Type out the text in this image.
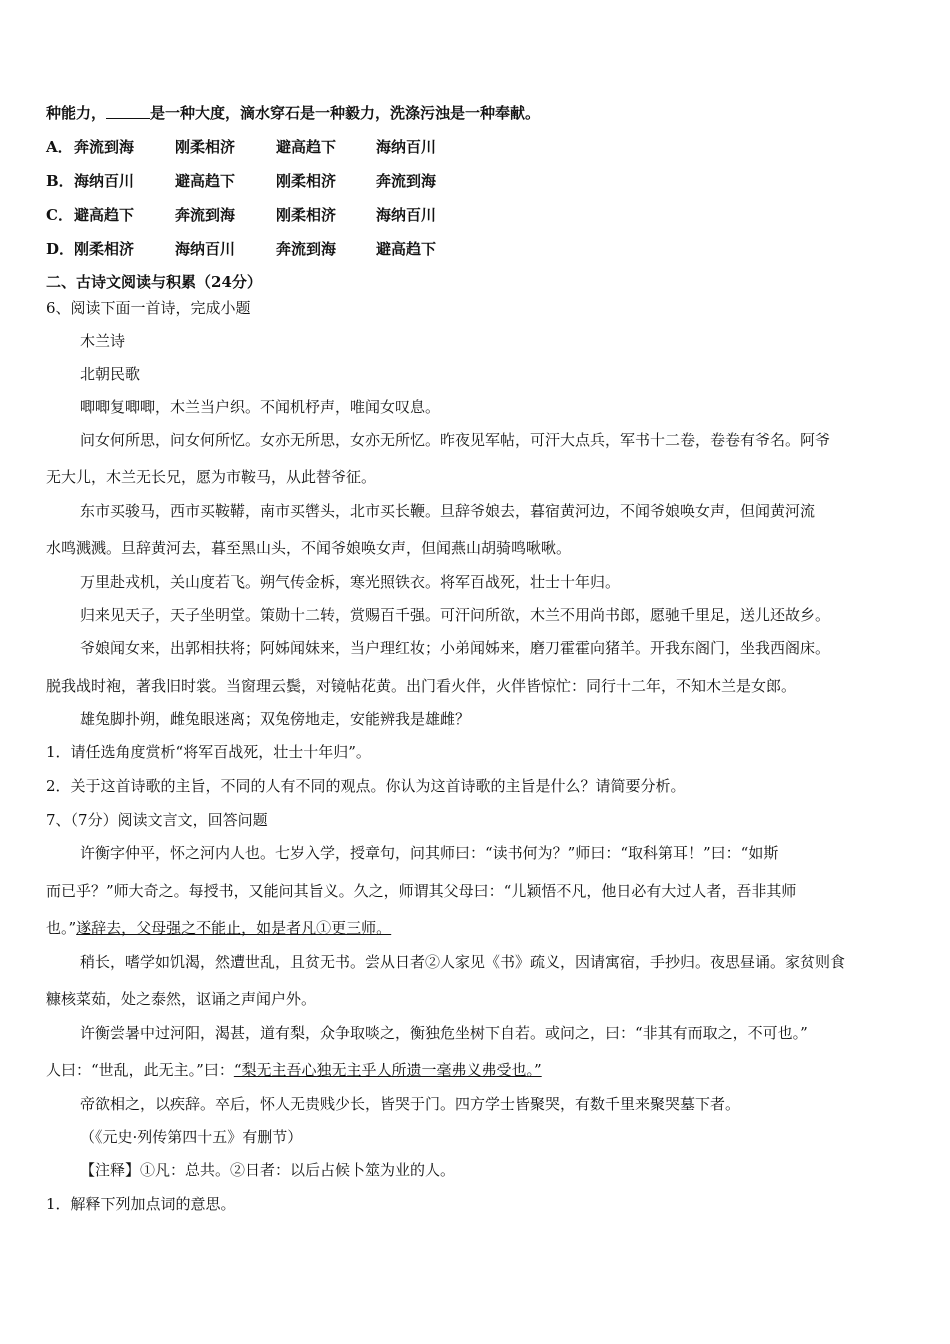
种能力，	是一种大度，滴水穿石是一种毅力，洗涤污浊是一种奉献。
A． 奔流到海	刚柔相济	避高趋下	海纳百川
B． 海纳百川	避高趋下	刚柔相济	奔流到海
C． 避高趋下	奔流到海	刚柔相济	海纳百川
D． 刚柔相济	海纳百川	奔流到海	避高趋下
二、古诗文阅读与积累（24分）
6、阅读下面一首诗，完成小题
木兰诗
北朝民歌
唧唧复唧唧，木兰当户织。不闻机杼声，唯闻女叹息。
问女何所思，问女何所忆。女亦无所思，女亦无所忆。昨夜见军帖，可汗大点兵，军书十二卷，卷卷有爷名。阿爷
无大儿，木兰无长兄，愿为市鞍马，从此替爷征。
东市买骏马，西市买鞍鞯，南市买辔头，北市买长鞭。旦辞爷娘去，暮宿黄河边，不闻爷娘唤女声，但闻黄河流
水鸣溅溅。旦辞黄河去，暮至黑山头，不闻爷娘唤女声，但闻燕山胡骑鸣啾啾。
万里赴戎机，关山度若飞。朔气传金柝，寒光照铁衣。将军百战死，壮士十年归。
归来见天子，天子坐明堂。策勋十二转，赏赐百千强。可汗问所欲，木兰不用尚书郎，愿驰千里足，送儿还故乡。
爷娘闻女来，出郭相扶将；阿姊闻妹来，当户理红妆；小弟闻姊来，磨刀霍霍向猪羊。开我东阁门，坐我西阁床。
脱我战时袍，著我旧时裳。当窗理云鬓，对镜帖花黄。出门看火伴，火伴皆惊忙：同行十二年，不知木兰是女郎。
雄兔脚扑朔，雌兔眼迷离；双兔傍地走，安能辨我是雄雌？
1．请任选角度赏析“将军百战死，壮士十年归”。
2．关于这首诗歌的主旨，不同的人有不同的观点。你认为这首诗歌的主旨是什么？请简要分析。
7、（7分）阅读文言文，回答问题
许衡字仲平，怀之河内人也。七岁入学，授章句，问其师曰：“读书何为？”师曰：“取科第耳！”曰：“如斯
而已乎？”师大奇之。每授书，又能问其旨义。久之，师谓其父母曰：“儿颖悟不凡，他日必有大过人者，吾非其师
也。”遂辞去，父母强之不能止，如是者凡①更三师。
稍长，嗜学如饥渴，然遭世乱，且贫无书。尝从日者②人家见《书》疏义，因请寓宿，手抄归。夜思昼诵。家贫则食
糠核菜茹，处之泰然，讴诵之声闻户外。
许衡尝暑中过河阳，渴甚，道有梨，众争取啖之，衡独危坐树下自若。或问之，曰：“非其有而取之，不可也。”
人曰：“世乱，此无主。”曰：“梨无主吾心独无主乎人所遗一毫弗义弗受也。”
帝欲相之，以疾辞。卒后，怀人无贵贱少长，皆哭于门。四方学士皆聚哭，有数千里来聚哭墓下者。
（《元史·列传第四十五》有删节）
【注释】①凡：总共。②日者：以后占候卜筮为业的人。
1．解释下列加点词的意思。
